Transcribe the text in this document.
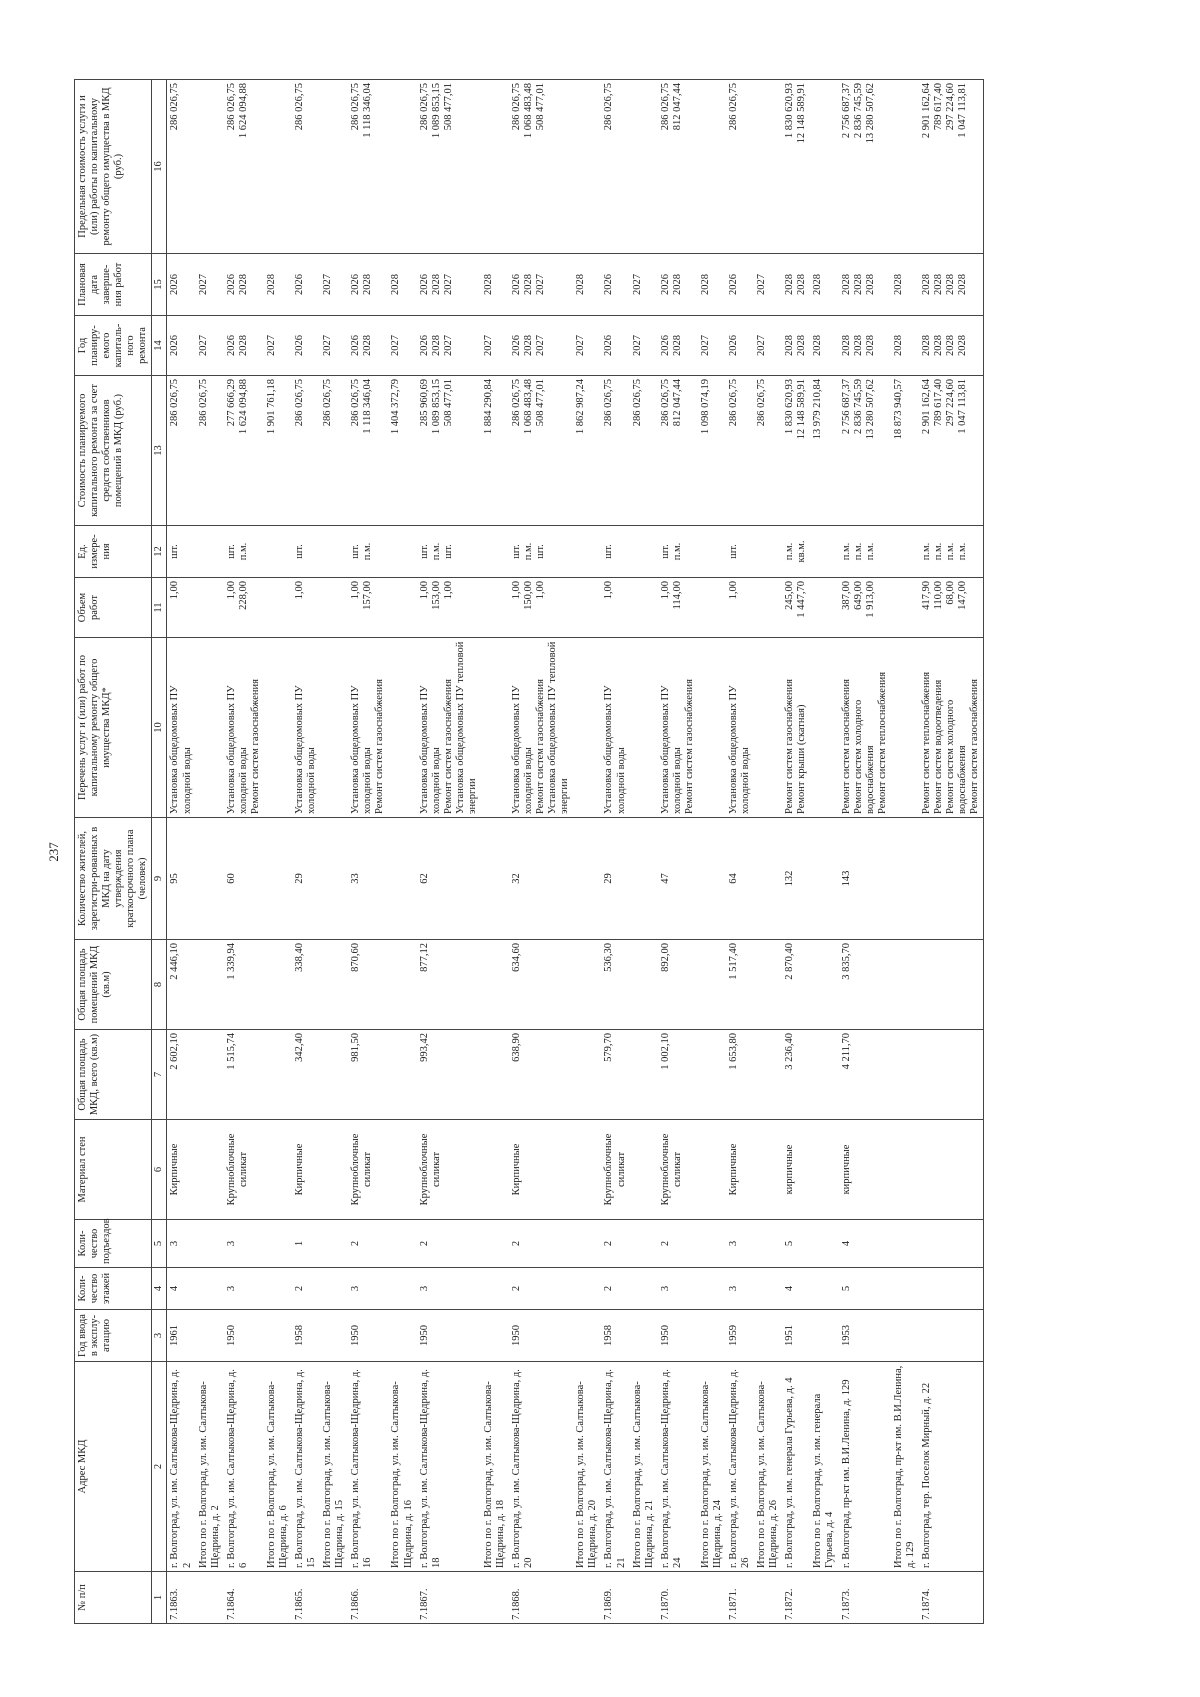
237
№ п/п	Адрес МКД	Год ввода в эксплу-атацию	Коли-чество этажей	Коли-чество подъездов	Материал стен	Общая площадь МКД, всего (кв.м)	Общая площадь помещений МКД (кв.м)	Количество жителей, зарегистри-рованных в МКД на дату утверждения краткосрочного плана (человек)	Перечень услуг и (или) работ по капитальному ремонту общего имущества МКД*	Объем работ	Ед. измере-ния	Стоимость планируемого капитального ремонта за счет средств собственников помещений в МКД (руб.)	Год планиру-емого капиталь-ного ремонта	Плановая дата заверше-ния работ	Предельная стоимость услуги и (или) работы по капитальному ремонту общего имущества в МКД (руб.)
1	2	3	4	5	6	7	8	9	10	11	12	13	14	15	16
7.1863.	г. Волгоград, ул. им. Салтыкова-Щедрина, д. 2	1961	4	3	Кирпичные	2 602,10	2 446,10	95	Установка общедомовых ПУ холодной воды	1,00	шт.	286 026,75	2026	2026	286 026,75

	Итого по г. Волгоград, ул. им. Салтыкова-Щедрина, д. 2											286 026,75	2027	2027	

7.1864.	г. Волгоград, ул. им. Салтыкова-Щедрина, д. 6	1950	3	3	Крупноблочные силикат	1 515,74	1 339,94	60	Установка общедомовых ПУ холодной воды Ремонт систем газоснабжения	1,00 228,00	шт. п.м.	277 666,29 1 624 094,88	2026 2028	2026 2028	286 026,75 1 624 094,88

	Итого по г. Волгоград, ул. им. Салтыкова-Щедрина, д. 6											1 901 761,18	2027	2028	

7.1865.	г. Волгоград, ул. им. Салтыкова-Щедрина, д. 15	1958	2	1	Кирпичные	342,40	338,40	29	Установка общедомовых ПУ холодной воды	1,00	шт.	286 026,75	2026	2026	286 026,75

	Итого по г. Волгоград, ул. им. Салтыкова-Щедрина, д. 15											286 026,75	2027	2027	

7.1866.	г. Волгоград, ул. им. Салтыкова-Щедрина, д. 16	1950	3	2	Крупноблочные силикат	981,50	870,60	33	Установка общедомовых ПУ холодной воды Ремонт систем газоснабжения	1,00 157,00	шт. п.м.	286 026,75 1 118 346,04	2026 2028	2026 2028	286 026,75 1 118 346,04

	Итого по г. Волгоград, ул. им. Салтыкова-Щедрина, д. 16											1 404 372,79	2027	2028	

7.1867.	г. Волгоград, ул. им. Салтыкова-Щедрина, д. 18	1950	3	2	Крупноблочные силикат	993,42	877,12	62	Установка общедомовых ПУ холодной воды Ремонт систем газоснабжения Установка общедомовых ПУ тепловой энергии	1,00 153,00 1,00	шт. п.м. шт.	285 960,69 1 089 853,15 508 477,01	2026 2028 2027	2026 2028 2027	286 026,75 1 089 853,15 508 477,01

	Итого по г. Волгоград, ул. им. Салтыкова-Щедрина, д. 18											1 884 290,84	2027	2028	

7.1868.	г. Волгоград, ул. им. Салтыкова-Щедрина, д. 20	1950	2	2	Кирпичные	638,90	634,60	32	Установка общедомовых ПУ холодной воды Ремонт систем газоснабжения Установка общедомовых ПУ тепловой энергии	1,00 150,00 1,00	шт. п.м. шт.	286 026,75 1 068 483,48 508 477,01	2026 2028 2027	2026 2028 2027	286 026,75 1 068 483,48 508 477,01

	Итого по г. Волгоград, ул. им. Салтыкова-Щедрина, д. 20											1 862 987,24	2027	2028	

7.1869.	г. Волгоград, ул. им. Салтыкова-Щедрина, д. 21	1958	2	2	Крупноблочные силикат	579,70	536,30	29	Установка общедомовых ПУ холодной воды	1,00	шт.	286 026,75	2026	2026	286 026,75

	Итого по г. Волгоград, ул. им. Салтыкова-Щедрина, д. 21											286 026,75	2027	2027	

7.1870.	г. Волгоград, ул. им. Салтыкова-Щедрина, д. 24	1950	3	2	Крупноблочные силикат	1 002,10	892,00	47	Установка общедомовых ПУ холодной воды Ремонт систем газоснабжения	1,00 114,00	шт. п.м.	286 026,75 812 047,44	2026 2028	2026 2028	286 026,75 812 047,44

	Итого по г. Волгоград, ул. им. Салтыкова-Щедрина, д. 24											1 098 074,19	2027	2028	

7.1871.	г. Волгоград, ул. им. Салтыкова-Щедрина, д. 26	1959	3	3	Кирпичные	1 653,80	1 517,40	64	Установка общедомовых ПУ холодной воды	1,00	шт.	286 026,75	2026	2026	286 026,75

	Итого по г. Волгоград, ул. им. Салтыкова-Щедрина, д. 26											286 026,75	2027	2027	

7.1872.	г. Волгоград, ул. им. генерала Гурьева, д. 4	1951	4	5	кирпичные	3 236,40	2 870,40	132	Ремонт систем газоснабжения Ремонт крыши (скатная)	245,00 1 447,70	п.м. кв.м.	1 830 620,93 12 148 589,91	2028 2028	2028 2028	1 830 620,93 12 148 589,91

	Итого по г. Волгоград, ул. им. генерала Гурьева, д. 4											13 979 210,84	2028	2028	

7.1873.	г. Волгоград, пр-кт им. В.И.Ленина, д. 129	1953	5	4	кирпичные	4 211,70	3 835,70	143	Ремонт систем газоснабжения Ремонт систем холодного водоснабжения Ремонт систем теплоснабжения	387,00 649,00 1 913,00	п.м. п.м. п.м.	2 756 687,37 2 836 745,59 13 280 507,62	2028 2028 2028	2028 2028 2028	2 756 687,37 2 836 745,59 13 280 507,62

	Итого по г. Волгоград, пр-кт им. В.И.Ленина, д. 129											18 873 940,57	2028	2028	

7.1874.	г. Волгоград, тер. Поселок Мирный, д. 22								Ремонт систем теплоснабжения Ремонт систем водоотведения Ремонт систем холодного водоснабжения Ремонт систем газоснабжения	417,90 110,00 68,00 147,00	п.м. п.м. п.м. п.м.	2 901 162,64 789 617,40 297 224,60 1 047 113,81	2028 2028 2028 2028	2028 2028 2028 2028	2 901 162,64 789 617,40 297 224,60 1 047 113,81
